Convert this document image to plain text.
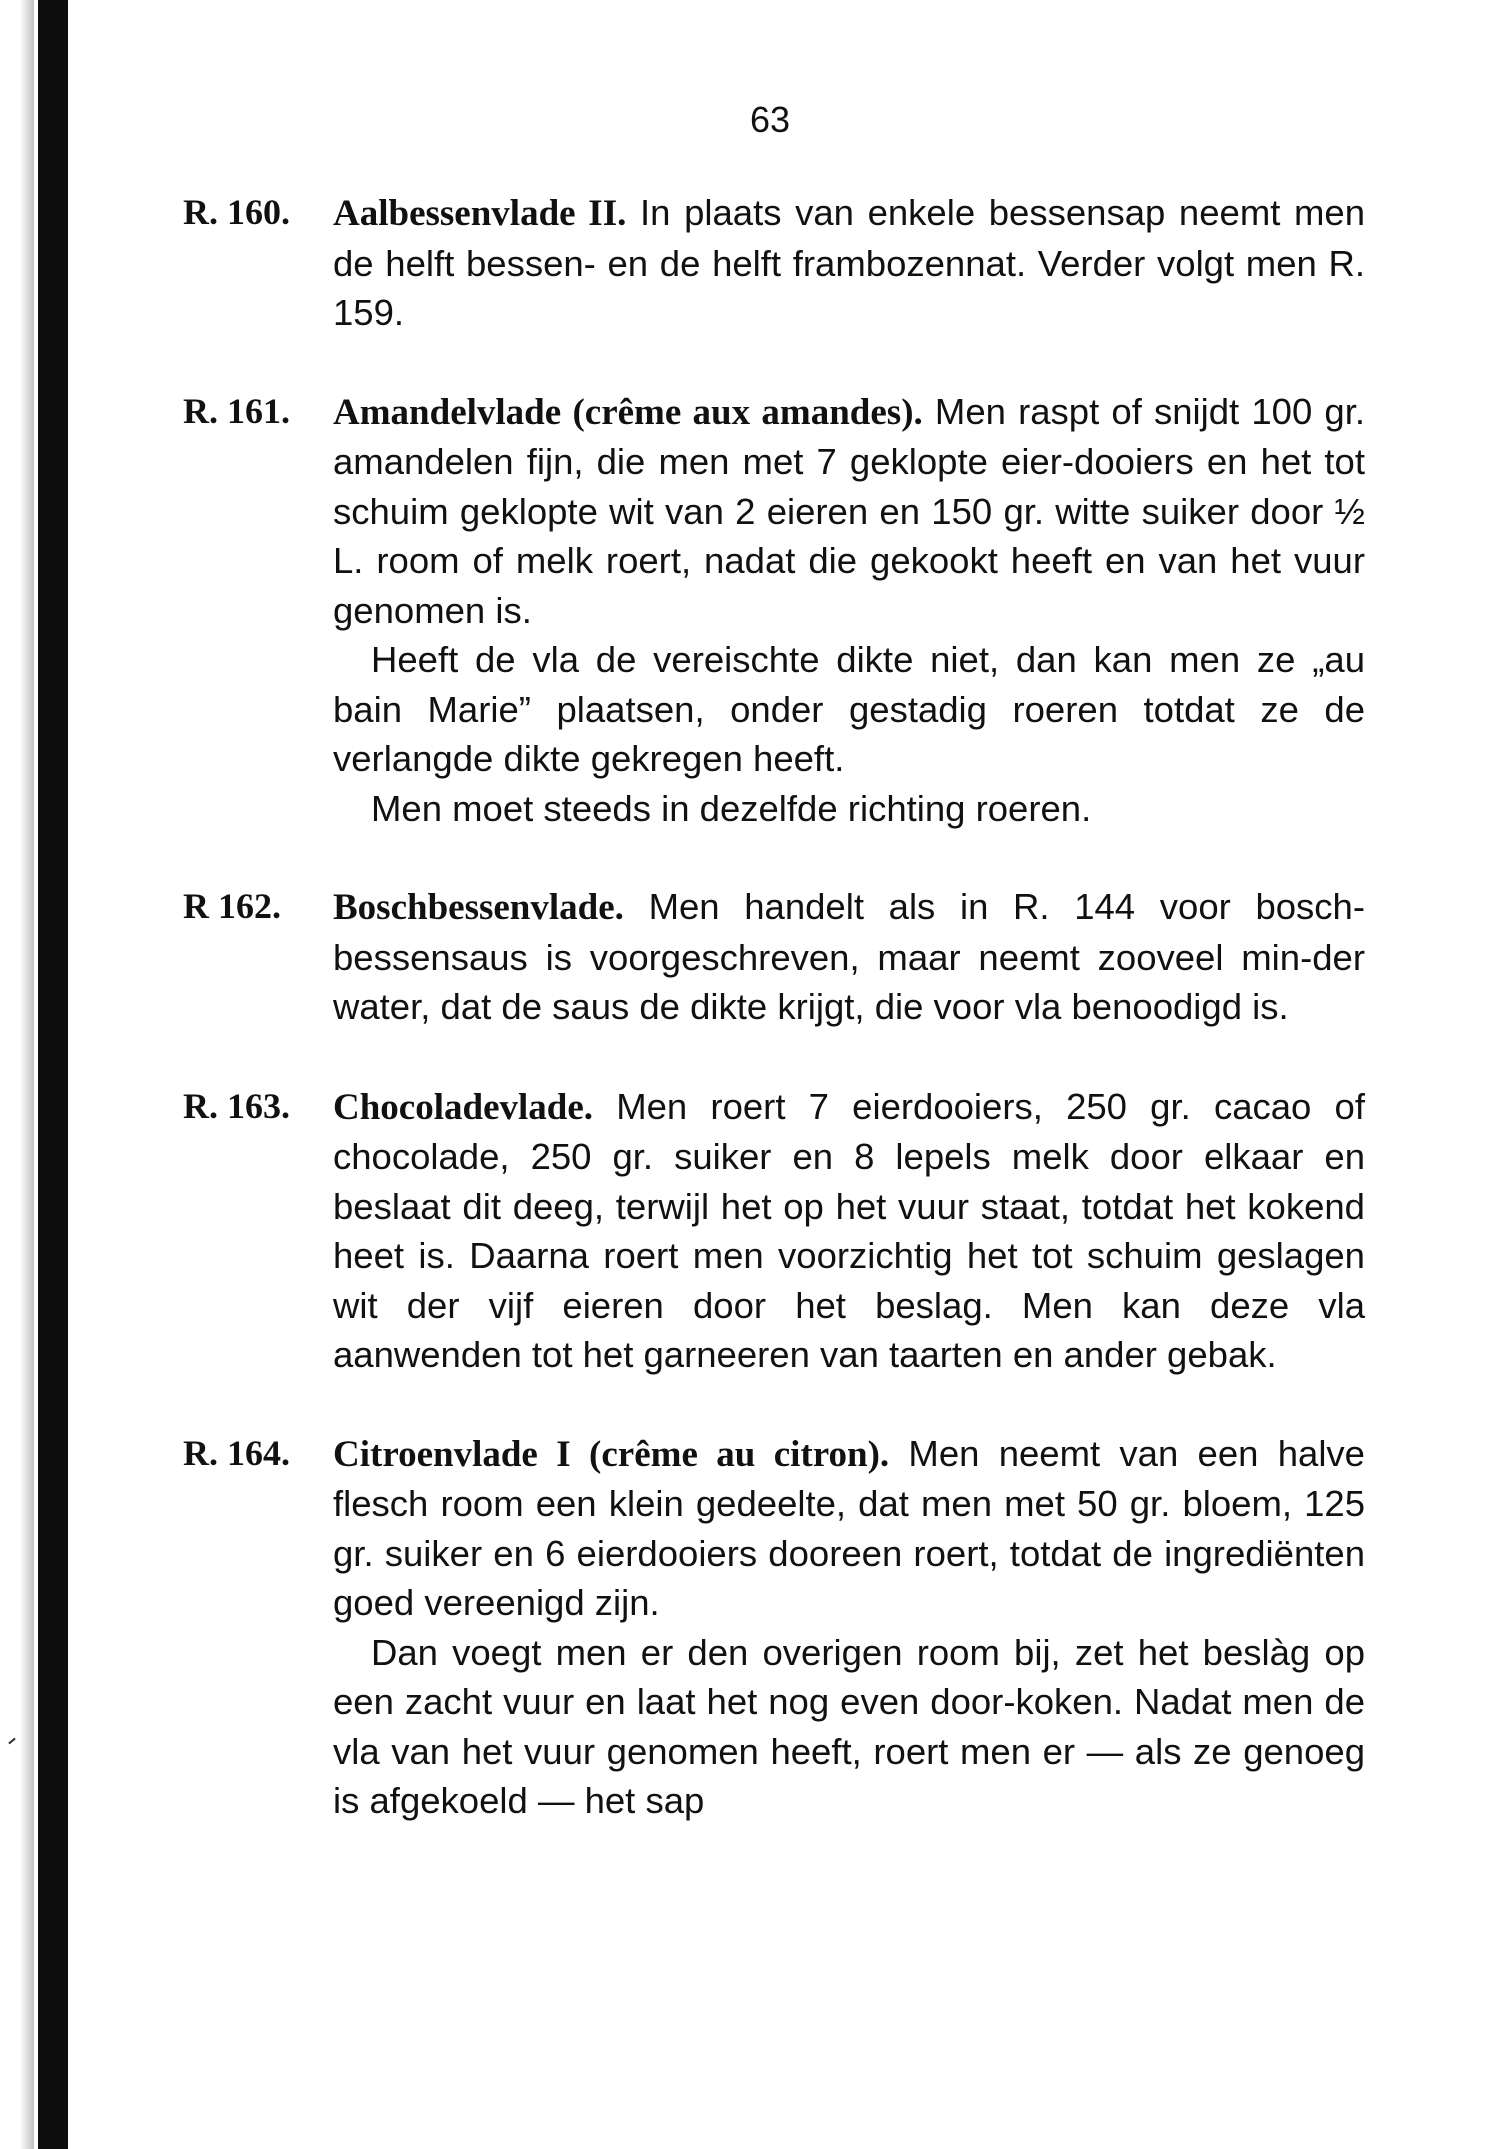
63
R. 160.	Aalbessenvlade II. In plaats van enkele bessensap neemt men de helft bessen- en de helft frambozennat. Verder volgt men R. 159.

R. 161.	Amandelvlade (crême aux amandes). Men raspt of snijdt 100 gr. amandelen fijn, die men met 7 geklopte eier-dooiers en het tot schuim geklopte wit van 2 eieren en 150 gr. witte suiker door ½ L. room of melk roert, nadat die gekookt heeft en van het vuur genomen is.

Heeft de vla de vereischte dikte niet, dan kan men ze „au bain Marie” plaatsen, onder gestadig roeren totdat ze de verlangde dikte gekregen heeft.

Men moet steeds in dezelfde richting roeren.

R 162.	Boschbessenvlade. Men handelt als in R. 144 voor bosch-bessensaus is voorgeschreven, maar neemt zooveel min-der water, dat de saus de dikte krijgt, die voor vla benoodigd is.

R. 163.	Chocoladevlade. Men roert 7 eierdooiers, 250 gr. cacao of chocolade, 250 gr. suiker en 8 lepels melk door elkaar en beslaat dit deeg, terwijl het op het vuur staat, totdat het kokend heet is. Daarna roert men voorzichtig het tot schuim geslagen wit der vijf eieren door het beslag. Men kan deze vla aanwenden tot het garneeren van taarten en ander gebak.

R. 164.	Citroenvlade I (crême au citron). Men neemt van een halve flesch room een klein gedeelte, dat men met 50 gr. bloem, 125 gr. suiker en 6 eierdooiers dooreen roert, totdat de ingrediënten goed vereenigd zijn.

Dan voegt men er den overigen room bij, zet het beslàg op een zacht vuur en laat het nog even door-koken. Nadat men de vla van het vuur genomen heeft, roert men er — als ze genoeg is afgekoeld — het sap
